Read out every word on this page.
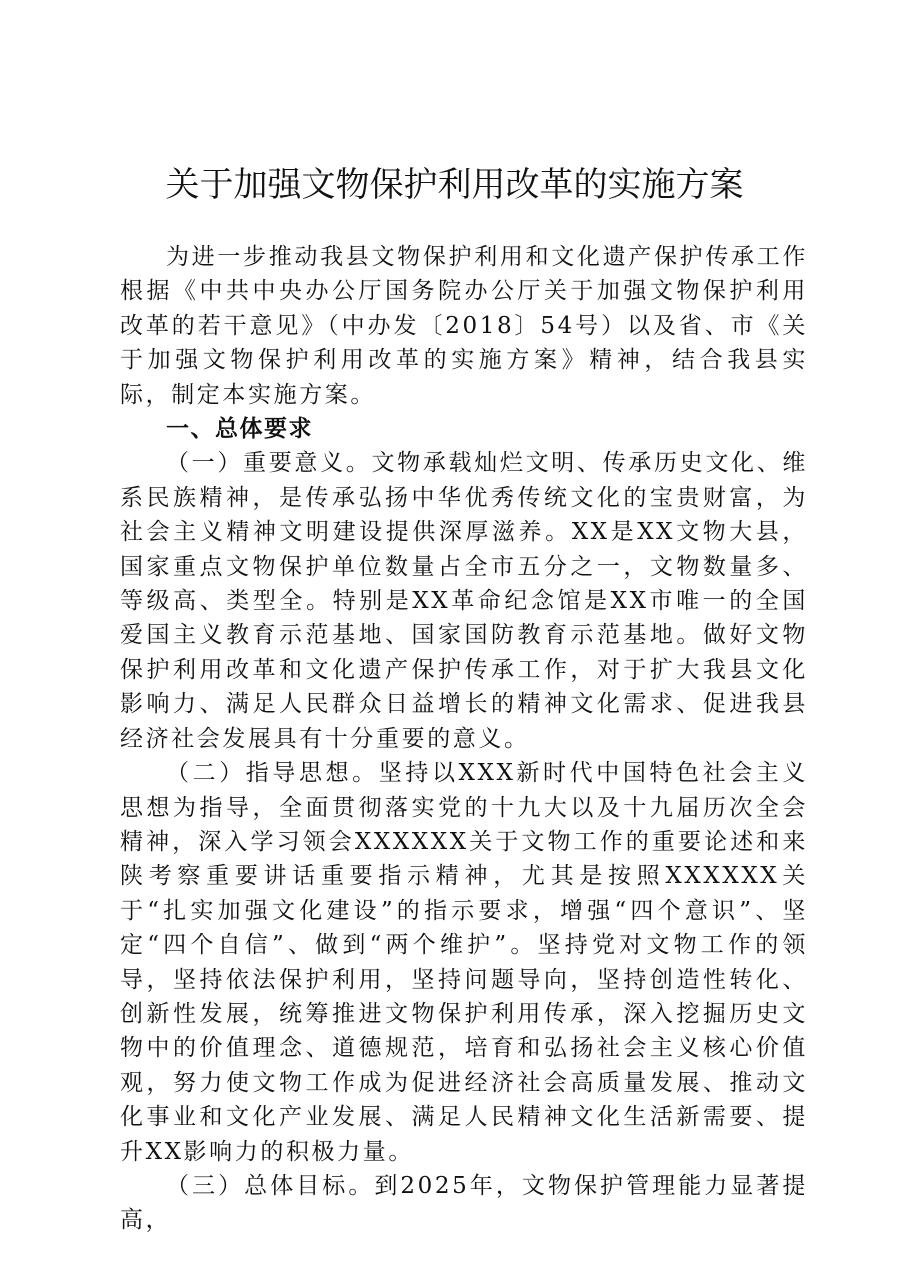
关于加强文物保护利用改革的实施方案

为进一步推动我县文物保护利用和文化遗产保护传承工作根据《中共中央办公厅国务院办公厅关于加强文物保护利用改革的若干意见》（中办发〔2018〕54号）以及省、市《关于加强文物保护利用改革的实施方案》精神，结合我县实际，制定本实施方案。

一、总体要求

（一）重要意义。文物承载灿烂文明、传承历史文化、维系民族精神，是传承弘扬中华优秀传统文化的宝贵财富，为社会主义精神文明建设提供深厚滋养。XX是XX文物大县，国家重点文物保护单位数量占全市五分之一，文物数量多、等级高、类型全。特别是XX革命纪念馆是XX市唯一的全国爱国主义教育示范基地、国家国防教育示范基地。做好文物保护利用改革和文化遗产保护传承工作，对于扩大我县文化影响力、满足人民群众日益增长的精神文化需求、促进我县经济社会发展具有十分重要的意义。

（二）指导思想。坚持以XXX新时代中国特色社会主义思想为指导，全面贯彻落实党的十九大以及十九届历次全会精神，深入学习领会XXXXXX关于文物工作的重要论述和来陕考察重要讲话重要指示精神，尤其是按照XXXXXX关于“扎实加强文化建设”的指示要求，增强“四个意识”、坚定“四个自信”、做到“两个维护”。坚持党对文物工作的领导，坚持依法保护利用，坚持问题导向，坚持创造性转化、创新性发展，统筹推进文物保护利用传承，深入挖掘历史文物中的价值理念、道德规范，培育和弘扬社会主义核心价值观，努力使文物工作成为促进经济社会高质量发展、推动文化事业和文化产业发展、满足人民精神文化生活新需要、提升XX影响力的积极力量。

（三）总体目标。到2025年，文物保护管理能力显著提高，
